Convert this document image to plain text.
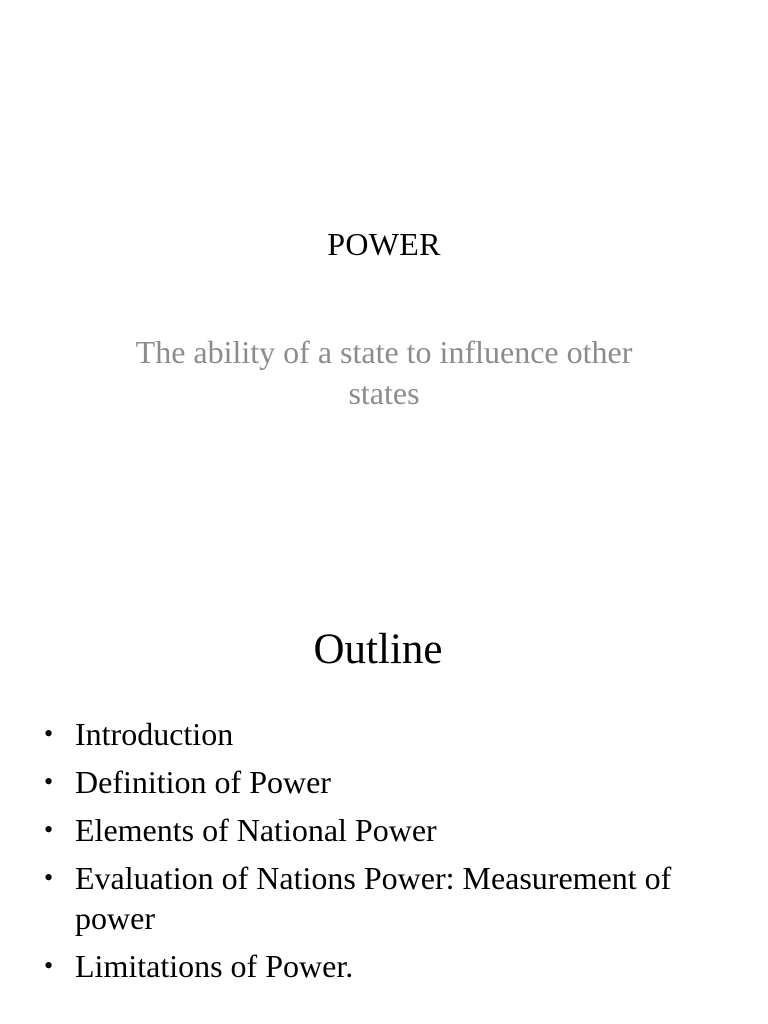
POWER
The ability of a state to influence other states
Outline
• Introduction
• Definition of Power
• Elements of National Power
• Evaluation of Nations Power: Measurement of power
• Limitations of Power.
